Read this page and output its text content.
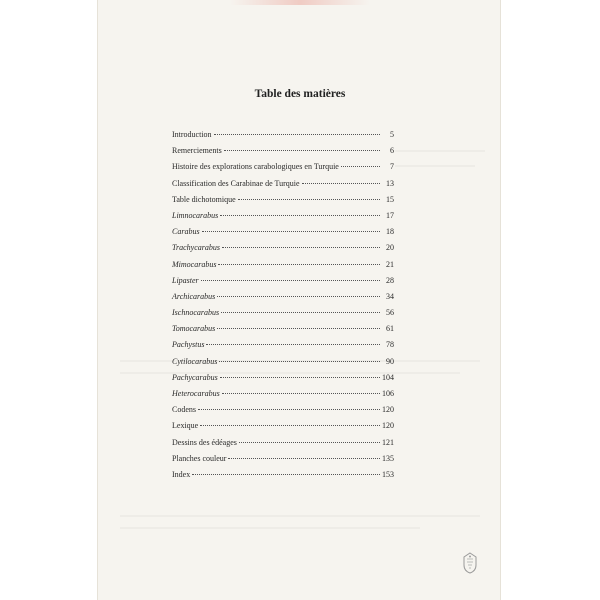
Table des matières
Introduction	5
Remerciements	6
Histoire des explorations carabologiques en Turquie	7
Classification des Carabinae de Turquie	13
Table dichotomique	15
Limnocarabus	17
Carabus	18
Trachycarabus	20
Mimocarabus	21
Lipaster	28
Archicarabus	34
Ischnocarabus	56
Tomocarabus	61
Pachystus	78
Cytilocarabus	90
Pachycarabus	104
Heterocarabus	106
Codens	120
Lexique	120
Dessins des édéages	121
Planches couleur	135
Index	153
